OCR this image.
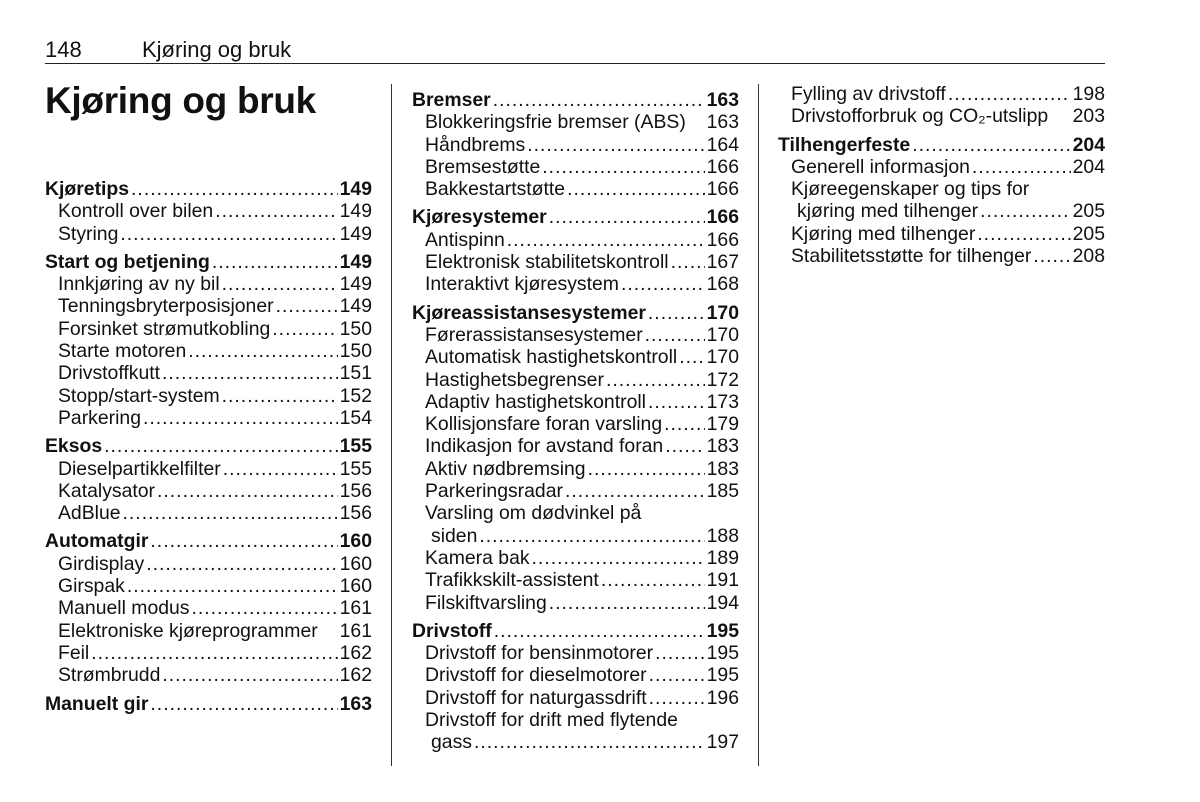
148	Kjøring og bruk
Kjøring og bruk
Kjøretips .....	149
Kontroll over bilen .....	149
Styring .....	149
Start og betjening .....	149
Innkjøring av ny bil .....	149
Tenningsbryterposisjoner .....	149
Forsinket strømutkobling .....	150
Starte motoren .....	150
Drivstoffkutt .....	151
Stopp/start-system .....	152
Parkering .....	154
Eksos .....	155
Dieselpartikkelfilter .....	155
Katalysator .....	156
AdBlue .....	156
Automatgir .....	160
Girdisplay .....	160
Girspak .....	160
Manuell modus .....	161
Elektroniske kjøreprogrammer	161
Feil .....	162
Strømbrudd .....	162
Manuelt gir .....	163
Bremser .....	163
Blokkeringsfrie bremser (ABS)	163
Håndbrems .....	164
Bremsestøtte .....	166
Bakkestartstøtte .....	166
Kjøresystemer .....	166
Antispinn .....	166
Elektronisk stabilitetskontroll ..... 167
Interaktivt kjøresystem .....	168
Kjøreassistansesystemer .....	170
Førerassistansesystemer .....	170
Automatisk hastighetskontroll ..... 170
Hastighetsbegrenser .....	172
Adaptiv hastighetskontroll .....	173
Kollisjonsfare foran varsling ..... 179
Indikasjon for avstand foran ..... 183
Aktiv nødbremsing .....	183
Parkeringsradar .....	185
Varsling om dødvinkel på
siden .....	188
Kamera bak .....	189
Trafikkskilt-assistent .....	191
Filskiftvarsling .....	194
Drivstoff .....	195
Drivstoff for bensinmotorer .....	195
Drivstoff for dieselmotorer .....	195
Drivstoff for naturgassdrift .....	196
Drivstoff for drift med flytende
gass .....	197
Fylling av drivstoff .....	198
Drivstofforbruk og CO₂-utslipp	203
Tilhengerfeste .....	204
Generell informasjon .....	204
Kjøreegenskaper og tips for
kjøring med tilhenger .....	205
Kjøring med tilhenger .....	205
Stabilitetsstøtte for tilhenger ..... 208
